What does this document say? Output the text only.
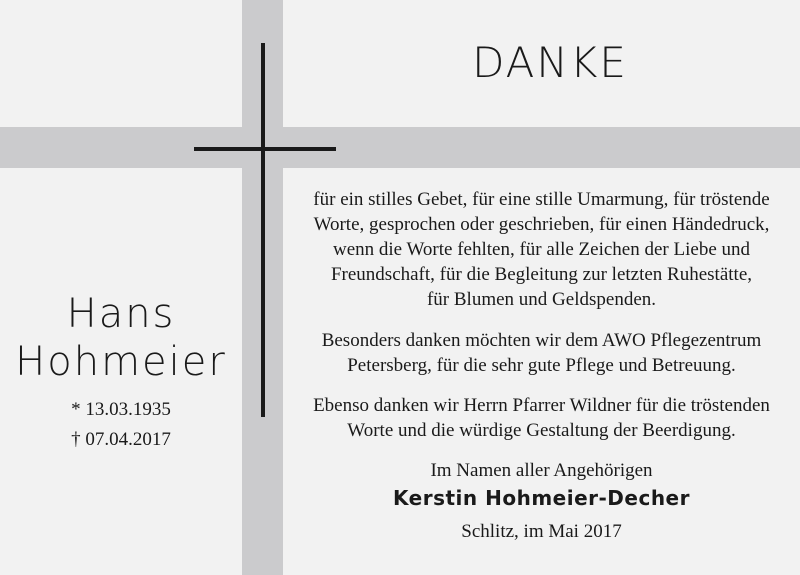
DANKE
Hans
Hohmeier
* 13.03.1935
† 07.04.2017

für ein stilles Gebet, für eine stille Umarmung, für tröstende

Worte, gesprochen oder geschrieben, für einen Händedruck,

wenn die Worte fehlten, für alle Zeichen der Liebe und

Freundschaft, für die Begleitung zur letzten Ruhestätte,

für Blumen und Geldspenden.

Besonders danken möchten wir dem AWO Pflegezentrum

Petersberg, für die sehr gute Pflege und Betreuung.

Ebenso danken wir Herrn Pfarrer Wildner für die tröstenden

Worte und die würdige Gestaltung der Beerdigung.

Im Namen aller Angehörigen
Kerstin Hohmeier-Decher
Schlitz, im Mai 2017
